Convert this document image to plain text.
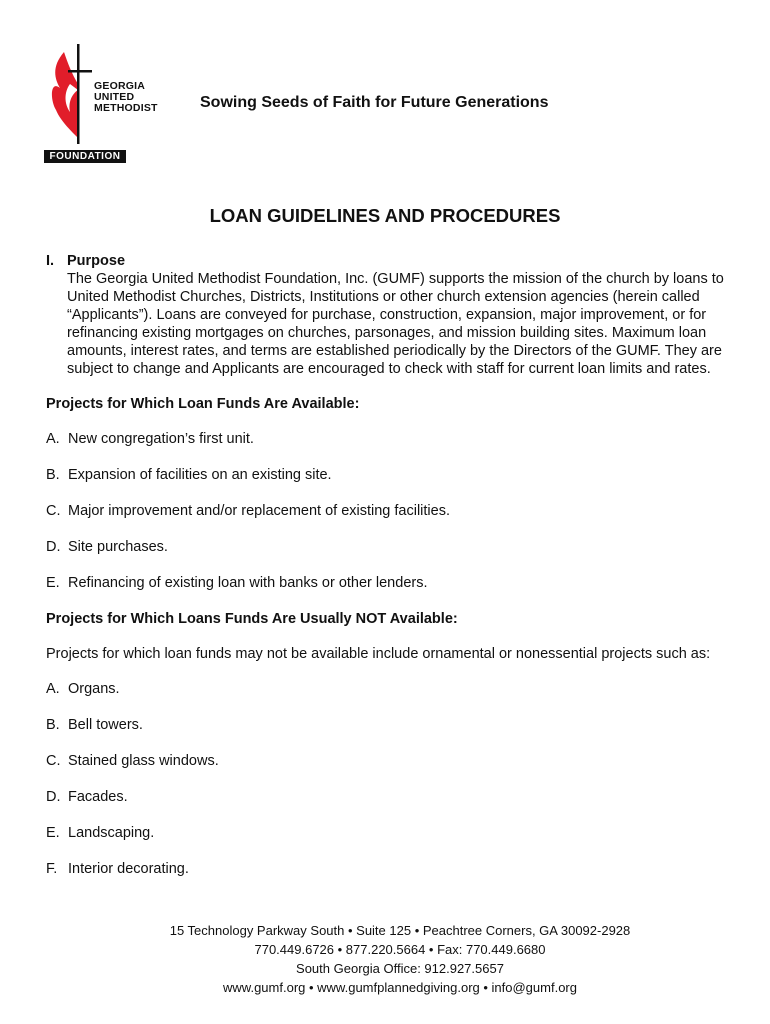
GEORGIA
UNITED
METHODIST
FOUNDATION
Sowing Seeds of Faith for Future Generations
LOAN GUIDELINES AND PROCEDURES
I. Purpose

The Georgia United Methodist Foundation, Inc. (GUMF) supports the mission of the church by loans to United Methodist Churches, Districts, Institutions or other church extension agencies (herein called “Applicants”). Loans are conveyed for purchase, construction, expansion, major improvement, or for refinancing existing mortgages on churches, parsonages, and mission building sites. Maximum loan amounts, interest rates, and terms are established periodically by the Directors of the GUMF. They are subject to change and Applicants are encouraged to check with staff for current loan limits and rates.

Projects for Which Loan Funds Are Available:

A. New congregation’s first unit.
B. Expansion of facilities on an existing site.
C. Major improvement and/or replacement of existing facilities.
D. Site purchases.
E. Refinancing of existing loan with banks or other lenders.

Projects for Which Loans Funds Are Usually NOT Available:

Projects for which loan funds may not be available include ornamental or nonessential projects such as:

A. Organs.
B. Bell towers.
C. Stained glass windows.
D. Facades.
E. Landscaping.
F. Interior decorating.
15 Technology Parkway South • Suite 125 • Peachtree Corners, GA 30092-2928
770.449.6726 • 877.220.5664 • Fax: 770.449.6680
South Georgia Office: 912.927.5657
www.gumf.org • www.gumfplannedgiving.org • info@gumf.org
